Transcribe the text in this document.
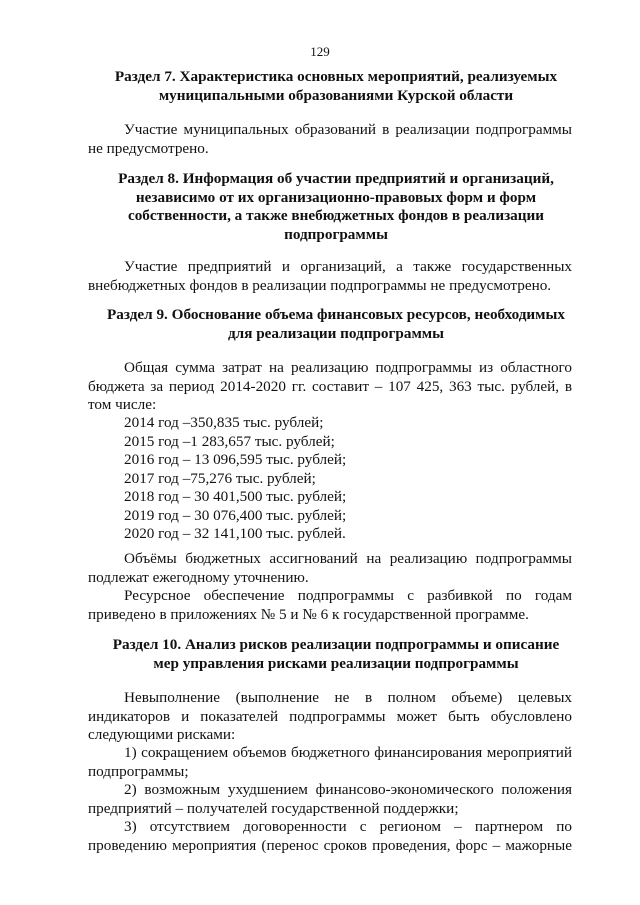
129
Раздел 7. Характеристика основных мероприятий, реализуемых муниципальными образованиями Курской области
Участие муниципальных образований в реализации подпрограммы не предусмотрено.
Раздел 8. Информация об участии предприятий и организаций, независимо от их организационно-правовых форм и форм собственности, а также внебюджетных фондов в реализации подпрограммы
Участие предприятий и организаций, а также государственных внебюджетных фондов в реализации подпрограммы не предусмотрено.
Раздел 9. Обоснование объема финансовых ресурсов, необходимых для реализации подпрограммы
Общая сумма затрат на реализацию подпрограммы из областного бюджета за период 2014-2020 гг. составит – 107 425, 363 тыс. рублей, в том числе:
2014 год –350,835 тыс. рублей;
2015 год –1 283,657 тыс. рублей;
2016 год – 13 096,595 тыс. рублей;
2017 год –75,276 тыс. рублей;
2018 год – 30 401,500 тыс. рублей;
2019 год – 30 076,400 тыс. рублей;
2020 год – 32 141,100 тыс. рублей.
Объёмы бюджетных ассигнований на реализацию подпрограммы подлежат ежегодному уточнению.
Ресурсное обеспечение подпрограммы с разбивкой по годам приведено в приложениях № 5 и № 6 к государственной программе.
Раздел 10. Анализ рисков реализации подпрограммы и описание мер управления рисками реализации подпрограммы
Невыполнение (выполнение не в полном объеме) целевых индикаторов и показателей подпрограммы может быть обусловлено следующими рисками:
1) сокращением объемов бюджетного финансирования мероприятий подпрограммы;
2) возможным ухудшением финансово-экономического положения предприятий – получателей государственной поддержки;
3) отсутствием договоренности с регионом – партнером по проведению мероприятия (перенос сроков проведения, форс – мажорные
